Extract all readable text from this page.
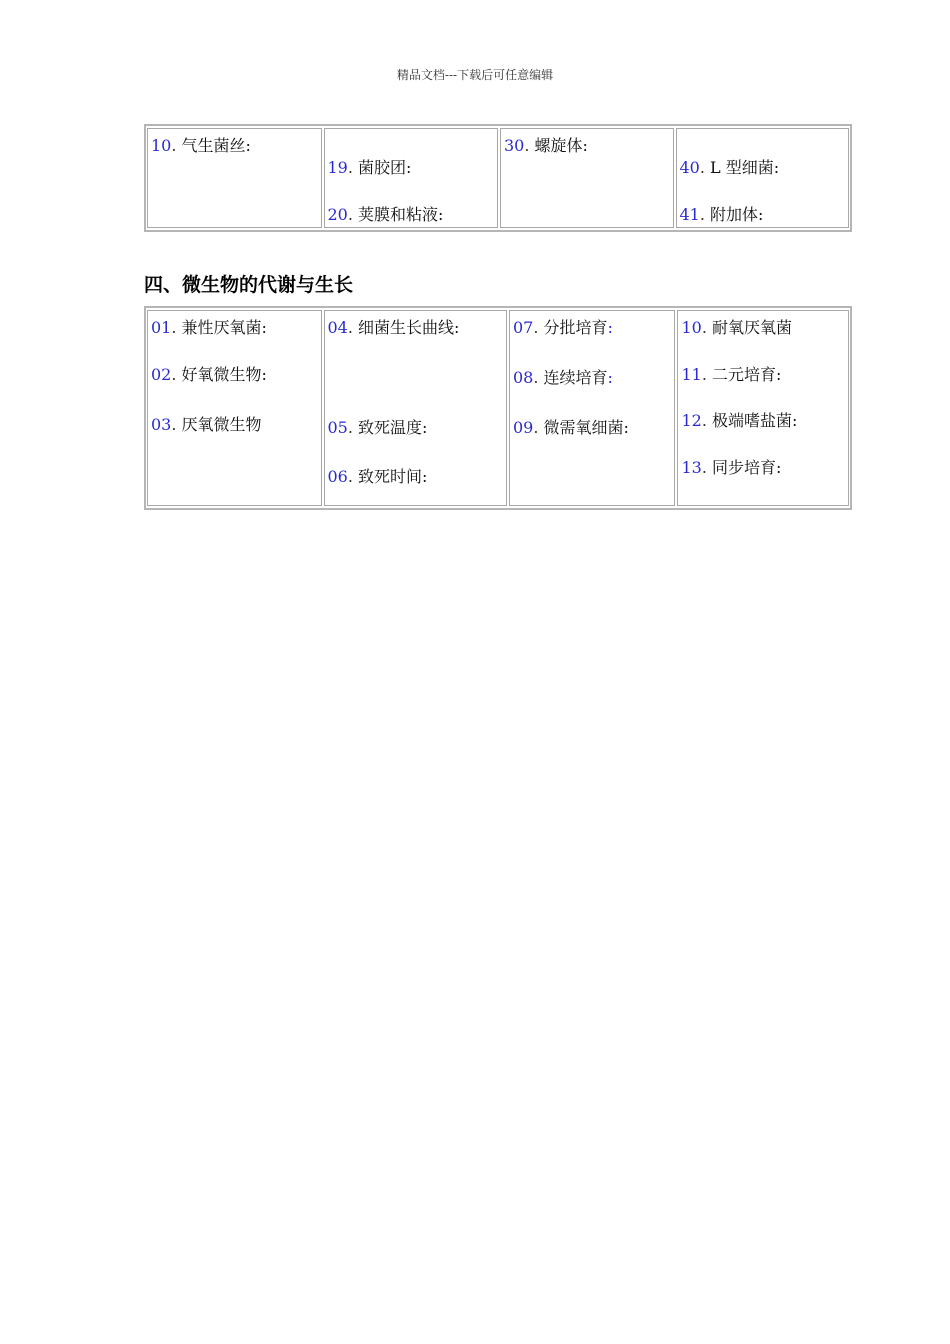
精品文档---下载后可任意编辑
10. 气生菌丝:
19. 菌胶团:
20. 荚膜和粘液:
30. 螺旋体:
40. L 型细菌:
41. 附加体:
四、微生物的代谢与生长
01. 兼性厌氧菌:
02. 好氧微生物:
03. 厌氧微生物
04. 细菌生长曲线:
05. 致死温度:
06. 致死时间:
07. 分批培育:
08. 连续培育:
09. 微需氧细菌:
10. 耐氧厌氧菌
11. 二元培育:
12. 极端嗜盐菌:
13. 同步培育:
